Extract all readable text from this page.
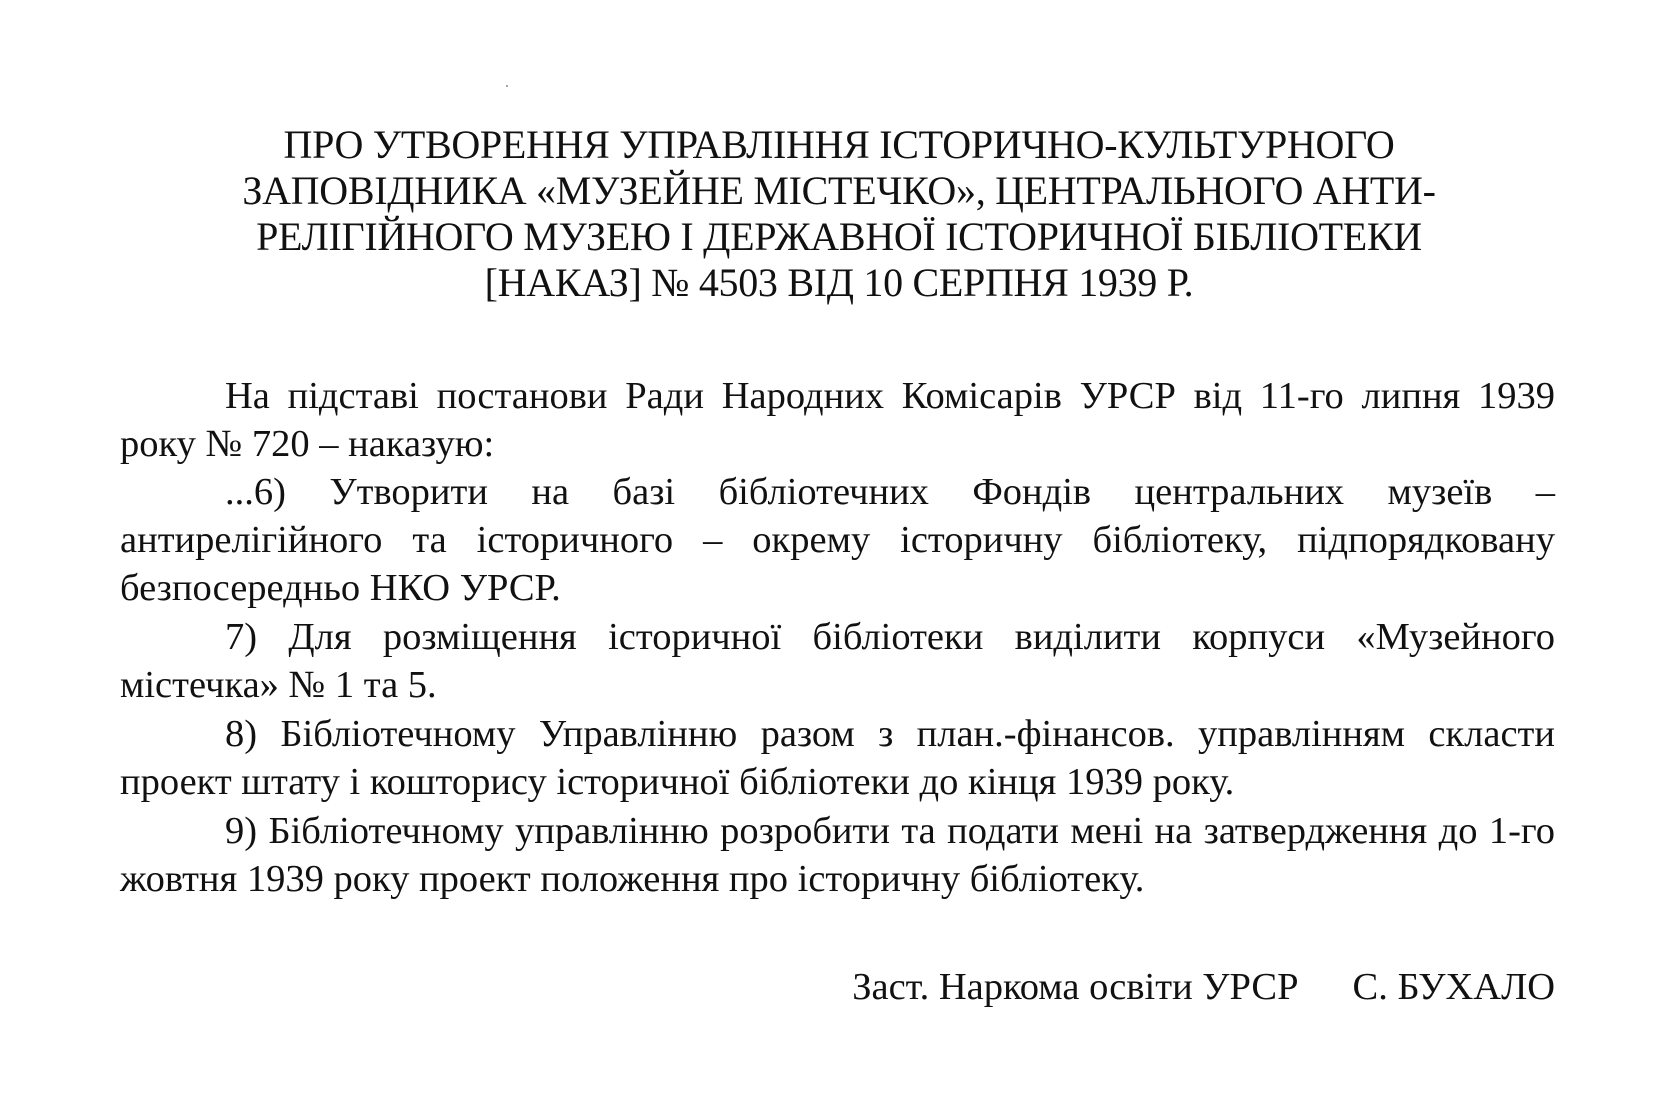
ПРО УТВОРЕННЯ УПРАВЛІННЯ ІСТОРИЧНО-КУЛЬТУРНОГО
ЗАПОВІДНИКА «МУЗЕЙНЕ МІСТЕЧКО», ЦЕНТРАЛЬНОГО АНТИ-
РЕЛІГІЙНОГО МУЗЕЮ І ДЕРЖАВНОЇ ІСТОРИЧНОЇ БІБЛІОТЕКИ
[НАКАЗ] № 4503 ВІД 10 СЕРПНЯ 1939 Р.

На підставі постанови Ради Народних Комісарів УРСР від 11-го липня 1939 року № 720 – наказую:

...6) Утворити на базі бібліотечних Фондів центральних музеїв – антирелігійного та історичного – окрему історичну бібліотеку, підпорядковану безпосередньо НКО УРСР.

7) Для розміщення історичної бібліотеки виділити корпуси «Музейного містечка» № 1 та 5.

8) Бібліотечному Управлінню разом з план.-фінансов. управлінням скласти проект штату і кошторису історичної бібліотеки до кінця 1939 року.

9) Бібліотечному управлінню розробити та подати мені на затвердження до 1-го жовтня 1939 року проект положення про історичну бібліотеку.

Заст. Наркома освіти УРСР С. БУХАЛО
